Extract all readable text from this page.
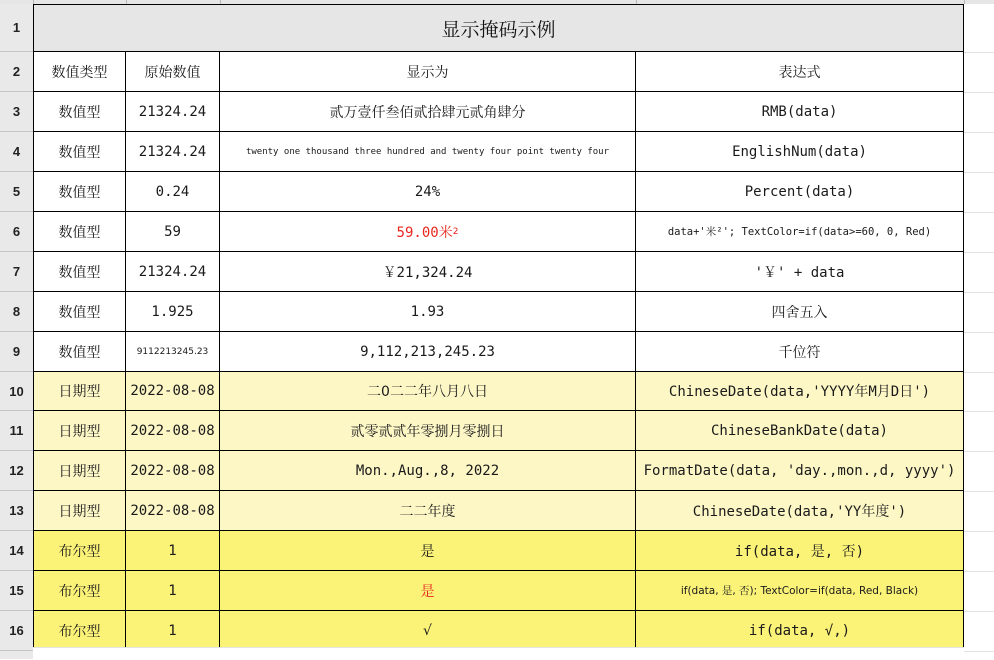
1
2
3
4
5
6
7
8
9
10
11
12
13
14
15
16
显示掩码示例
数值类型	原始数值	显示为	表达式
数值型	21324.24	贰万壹仟叁佰贰拾肆元贰角肆分	RMB(data)
数值型	21324.24	twenty one thousand three hundred and twenty four point twenty four	EnglishNum(data)
数值型	0.24	24%	Percent(data)
数值型	59	59.00米 2	data+'米²'; TextColor=if(data>=60, 0, Red)
数值型	21324.24	￥21,324.24	'￥' + data
数值型	1.925	1.93	四舍五入
数值型	9112213245.23	9,112,213,245.23	千位符
日期型	2022-08-08	二0二二年八月八日	ChineseDate(data,'YYYY年M月D日')
日期型	2022-08-08	贰零贰贰年零捌月零捌日	ChineseBankDate(data)
日期型	2022-08-08	Mon.,Aug.,8, 2022	FormatDate(data, 'day.,mon.,d, yyyy')
日期型	2022-08-08	二二年度	ChineseDate(data,'YY年度')
布尔型	1	是	if(data, 是, 否)
布尔型	1	是	if(data, 是, 否); TextColor=if(data, Red, Black)
布尔型	1	√	if(data, √,)
